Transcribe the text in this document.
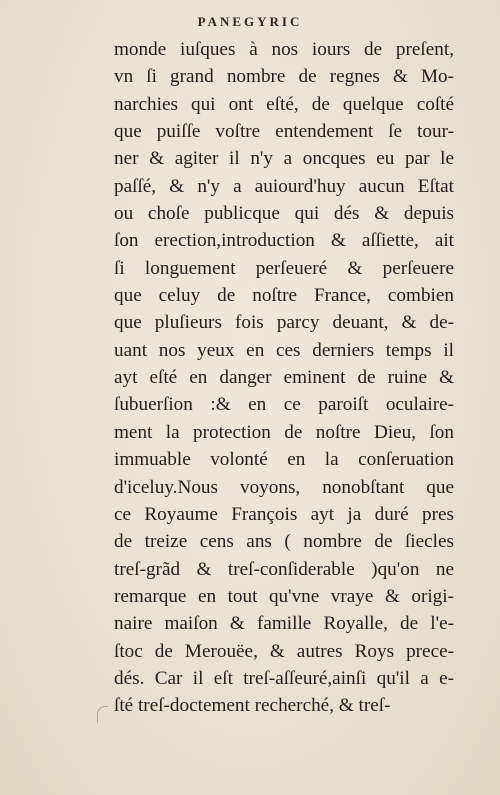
PANEGYRIC
monde iuſques à nos iours de preſent,
vn ſi grand nombre de regnes & Mo-
narchies qui ont eſté, de quelque coſté
que puiſſe voſtre entendement ſe tour-
ner & agiter il n'y a oncques eu par le
paſſé, & n'y a auiourd'huy aucun Eſtat
ou choſe publicque qui dés & depuis
ſon erection,introduction & aſſiette, ait
ſi longuement perſeueré & perſeuere
que celuy de noſtre France, combien
que pluſieurs fois parcy deuant, & de-
uant nos yeux en ces derniers temps il
ayt eſté en danger eminent de ruine &
ſubuerſion :& en ce paroiſt oculaire-
ment la protection de noſtre Dieu, ſon
immuable volonté en la conſeruation
d'iceluy.Nous voyons, nonobſtant que
ce Royaume François ayt ja duré pres
de treize cens ans ( nombre de ſiecles
treſ-grãd & treſ-conſiderable )qu'on ne
remarque en tout qu'vne vraye & origi-
naire maiſon & famille Royalle, de l'e-
ſtoc de Merouëe, & autres Roys prece-
dés. Car il eſt treſ-aſſeuré,ainſi qu'il a e-
ſté treſ-doctement recherché, & treſ-
